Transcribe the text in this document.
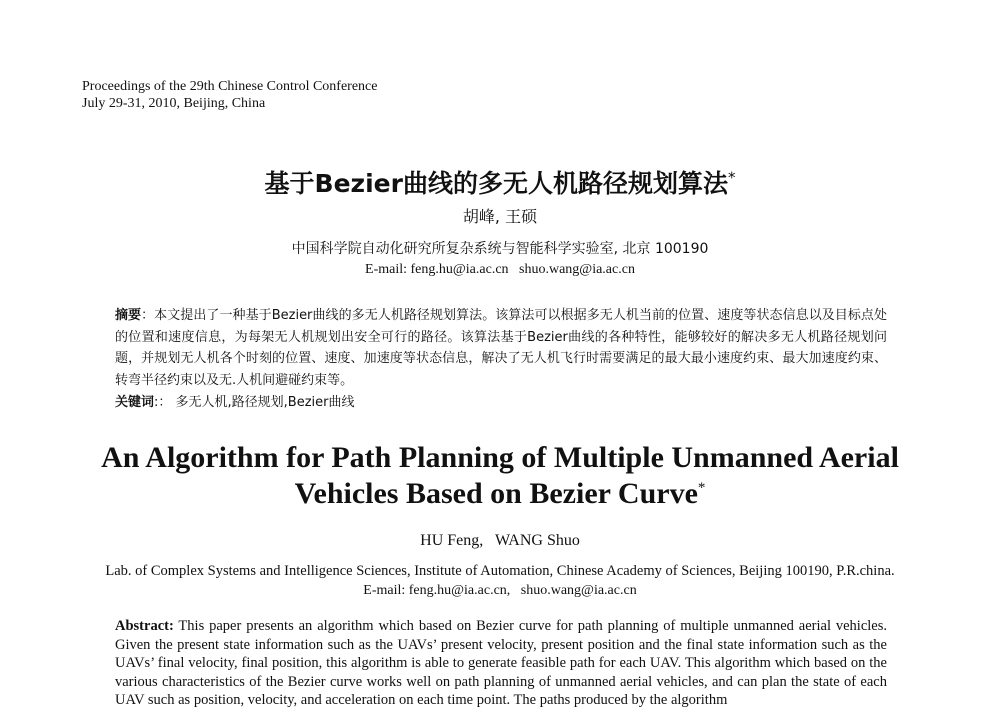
Proceedings of the 29th Chinese Control Conference
July 29-31, 2010, Beijing, China
基于Bezier曲线的多无人机路径规划算法*
胡峰, 王硕
中国科学院自动化研究所复杂系统与智能科学实验室, 北京 100190
E-mail: feng.hu@ia.ac.cn   shuo.wang@ia.ac.cn
摘要：本文提出了一种基于Bezier曲线的多无人机路径规划算法。该算法可以根据多无人机当前的位置、速度等状态信息以及目标点处的位置和速度信息，为每架无人机规划出安全可行的路径。该算法基于Bezier曲线的各种特性，能够较好的解决多无人机路径规划问题，并规划无人机各个时刻的位置、速度、加速度等状态信息，解决了无人机飞行时需要满足的最大最小速度约束、最大加速度约束、转弯半径约束以及无.人机间避碰约束等。
关键词:： 多无人机,路径规划,Bezier曲线
An Algorithm for Path Planning of Multiple Unmanned Aerial
Vehicles Based on Bezier Curve*
HU Feng,   WANG Shuo
Lab. of Complex Systems and Intelligence Sciences, Institute of Automation, Chinese Academy of Sciences, Beijing 100190, P.R.china.
E-mail: feng.hu@ia.ac.cn,   shuo.wang@ia.ac.cn
Abstract: This paper presents an algorithm which based on Bezier curve for path planning of multiple unmanned aerial vehicles. Given the present state information such as the UAVs’ present velocity, present position and the final state information such as the UAVs’ final velocity, final position, this algorithm is able to generate feasible path for each UAV. This algorithm which based on the various characteristics of the Bezier curve works well on path planning of unmanned aerial vehicles, and can plan the state of each UAV such as position, velocity, and acceleration on each time point. The paths produced by the algorithm
